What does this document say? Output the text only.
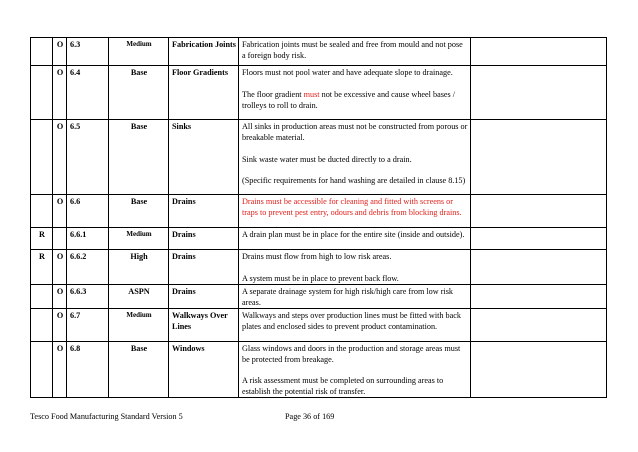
	O	6.3	Medium	Fabrication Joints	Fabrication joints must be sealed and free from mould and not pose a foreign body risk.	

	O	6.4	Base	Floor Gradients	Floors must not pool water and have adequate slope to drainage.

The floor gradient must not be excessive and cause wheel bases / trolleys to roll to drain.	

	O	6.5	Base	Sinks	All sinks in production areas must not be constructed from porous or breakable material.

Sink waste water must be ducted directly to a drain.

(Specific requirements for hand washing are detailed in clause 8.15)	

	O	6.6	Base	Drains	Drains must be accessible for cleaning and fitted with screens or traps to prevent pest entry, odours and debris from blocking drains.	

R		6.6.1	Medium	Drains	A drain plan must be in place for the entire site (inside and outside).	

R	O	6.6.2	High	Drains	Drains must flow from high to low risk areas.

A system must be in place to prevent back flow.	

	O	6.6.3	ASPN	Drains	A separate drainage system for high risk/high care from low risk areas.	

	O	6.7	Medium	Walkways Over Lines	Walkways and steps over production lines must be fitted with back plates and enclosed sides to prevent product contamination.	

	O	6.8	Base	Windows	Glass windows and doors in the production and storage areas must be protected from breakage.

A risk assessment must be completed on surrounding areas to establish the potential risk of transfer.	

Tesco Food Manufacturing Standard Version 5	Page 36 of 169
